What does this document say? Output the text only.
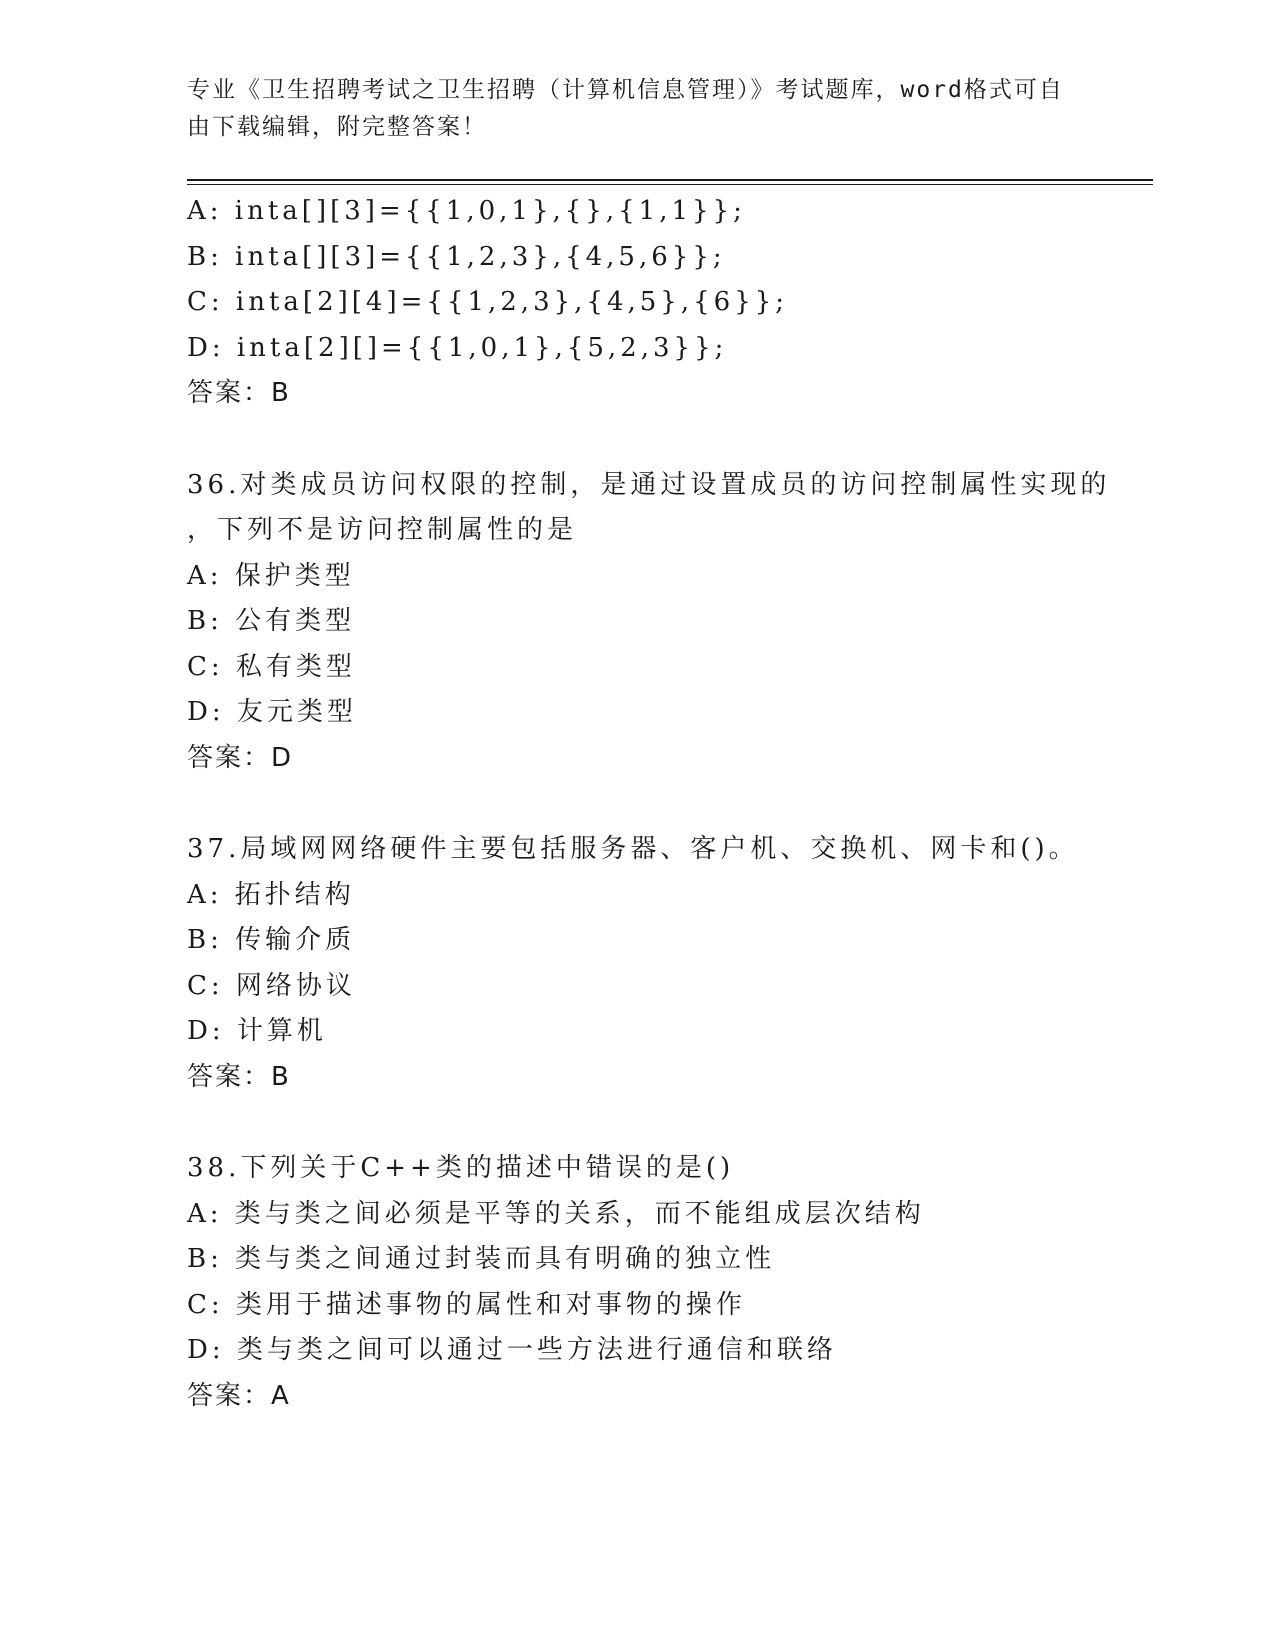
专业《卫生招聘考试之卫生招聘（计算机信息管理）》考试题库，word格式可自
由下载编辑，附完整答案！
A: inta[][3]={{1,0,1},{},{1,1}};
B: inta[][3]={{1,2,3},{4,5,6}};
C: inta[2][4]={{1,2,3},{4,5},{6}};
D: inta[2][]={{1,0,1},{5,2,3}};
答案：B
36.对类成员访问权限的控制，是通过设置成员的访问控制属性实现的
，下列不是访问控制属性的是
A: 保护类型
B: 公有类型
C: 私有类型
D: 友元类型
答案：D
37.局域网网络硬件主要包括服务器、客户机、交换机、网卡和()。
A: 拓扑结构
B: 传输介质
C: 网络协议
D: 计算机
答案：B
38.下列关于C++类的描述中错误的是()
A: 类与类之间必须是平等的关系，而不能组成层次结构
B: 类与类之间通过封装而具有明确的独立性
C: 类用于描述事物的属性和对事物的操作
D: 类与类之间可以通过一些方法进行通信和联络
答案：A
